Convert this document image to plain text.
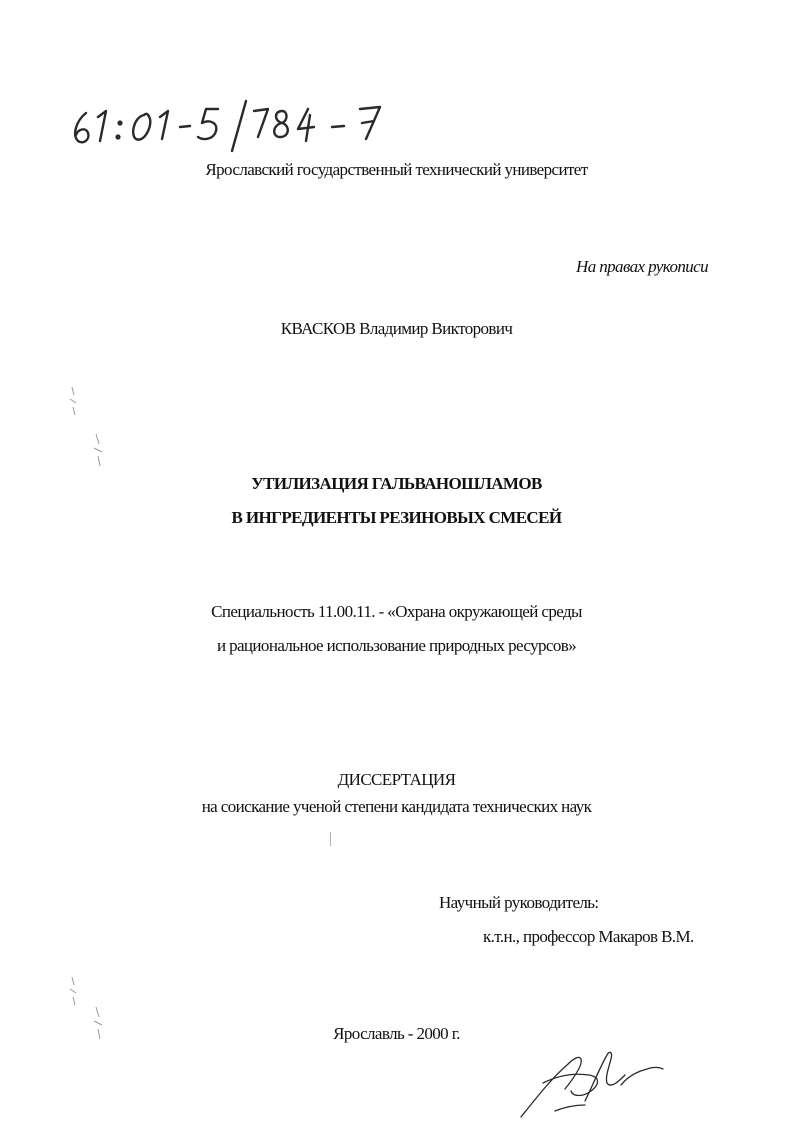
Ярославский государственный технический университет
На правах рукописи
КВАСКОВ Владимир Викторович
УТИЛИЗАЦИЯ ГАЛЬВАНОШЛАМОВ
В ИНГРЕДИЕНТЫ РЕЗИНОВЫХ СМЕСЕЙ
Специальность 11.00.11. - «Охрана окружающей среды
и рациональное использование природных ресурсов»
ДИССЕРТАЦИЯ
на соискание ученой степени кандидата технических наук
Научный руководитель:
к.т.н., профессор Макаров В.М.
Ярославль - 2000 г.
